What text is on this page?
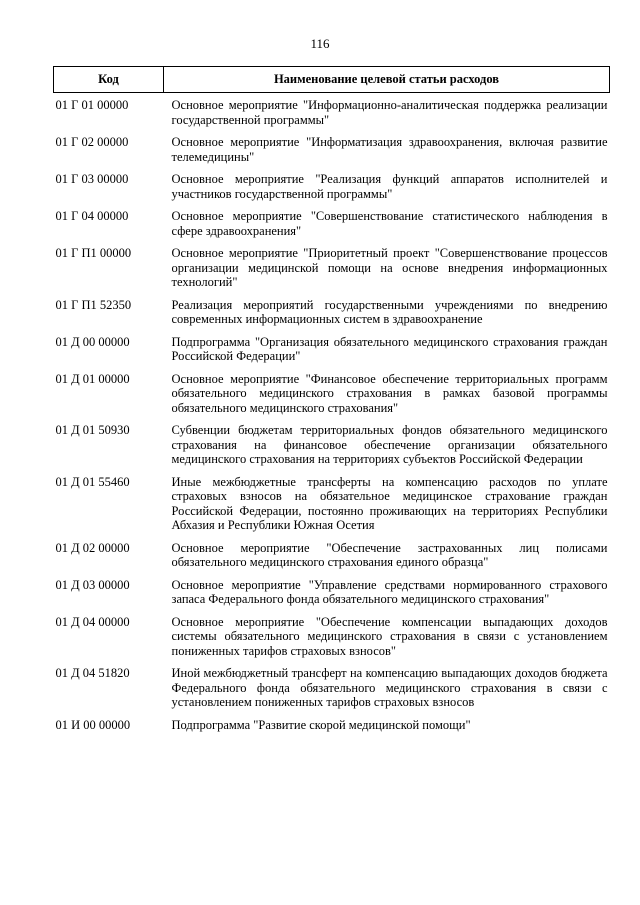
116
Код	Наименование целевой статьи расходов
01 Г 01 00000	Основное мероприятие "Информационно-аналитическая поддержка реализации государственной программы"
01 Г 02 00000	Основное мероприятие "Информатизация здравоохранения, включая развитие телемедицины"
01 Г 03 00000	Основное мероприятие "Реализация функций аппаратов исполнителей и участников государственной программы"
01 Г 04 00000	Основное мероприятие "Совершенствование статистического наблюдения в сфере здравоохранения"
01 Г П1 00000	Основное мероприятие "Приоритетный проект "Совершенствование процессов организации медицинской помощи на основе внедрения информационных технологий"
01 Г П1 52350	Реализация мероприятий государственными учреждениями по внедрению современных информационных систем в здравоохранение
01 Д 00 00000	Подпрограмма "Организация обязательного медицинского страхования граждан Российской Федерации"
01 Д 01 00000	Основное мероприятие "Финансовое обеспечение территориальных программ обязательного медицинского страхования в рамках базовой программы обязательного медицинского страхования"
01 Д 01 50930	Субвенции бюджетам территориальных фондов обязательного медицинского страхования на финансовое обеспечение организации обязательного медицинского страхования на территориях субъектов Российской Федерации
01 Д 01 55460	Иные межбюджетные трансферты на компенсацию расходов по уплате страховых взносов на обязательное медицинское страхование граждан Российской Федерации, постоянно проживающих на территориях Республики Абхазия и Республики Южная Осетия
01 Д 02 00000	Основное мероприятие "Обеспечение застрахованных лиц полисами обязательного медицинского страхования единого образца"
01 Д 03 00000	Основное мероприятие "Управление средствами нормированного страхового запаса Федерального фонда обязательного медицинского страхования"
01 Д 04 00000	Основное мероприятие "Обеспечение компенсации выпадающих доходов системы обязательного медицинского страхования в связи с установлением пониженных тарифов страховых взносов"
01 Д 04 51820	Иной межбюджетный трансферт на компенсацию выпадающих доходов бюджета Федерального фонда обязательного медицинского страхования в связи с установлением пониженных тарифов страховых взносов
01 И 00 00000	Подпрограмма "Развитие скорой медицинской помощи"
